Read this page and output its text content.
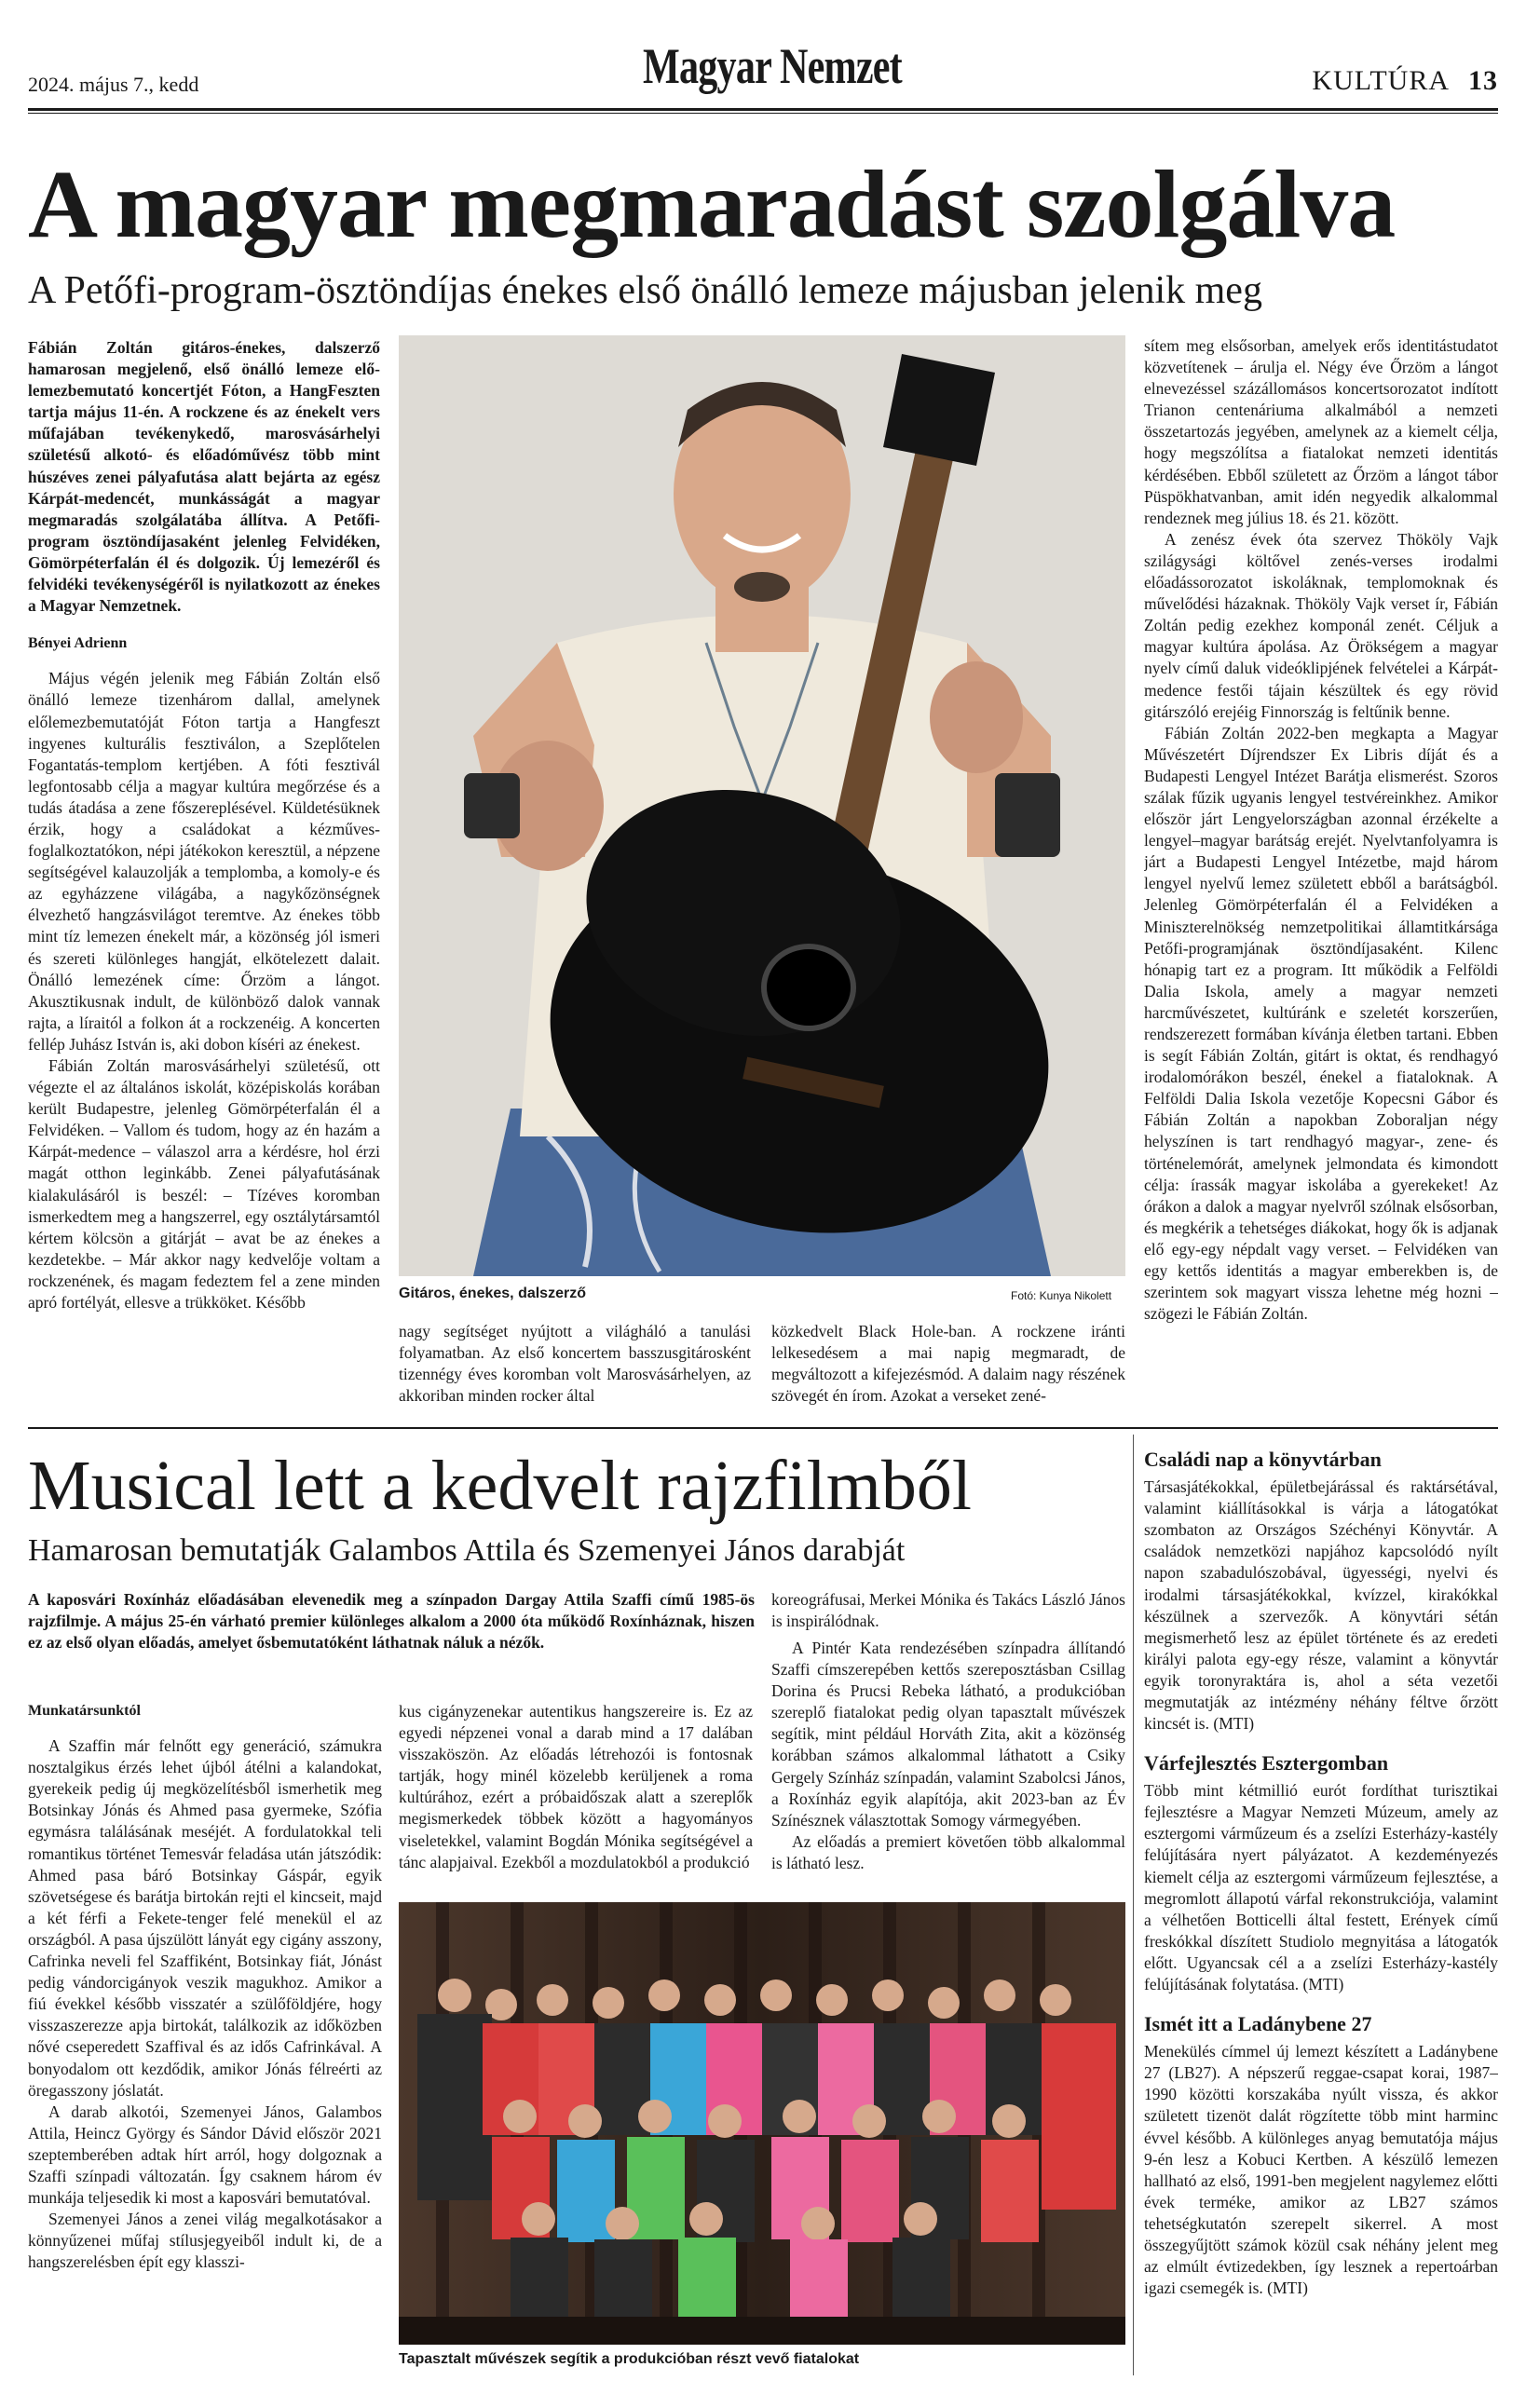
2024. május 7., kedd	Magyar Nemzet	KULTÚRA 13
A magyar megmaradást szolgálva
A Petőfi-program-ösztöndíjas énekes első önálló lemeze májusban jelenik meg

Fábián Zoltán gitáros-énekes, dalszerző hamarosan megjelenő, első önálló lemeze elő-lemezbemutató koncertjét Fóton, a HangFeszten tartja május 11-én. A rockzene és az énekelt vers műfajában tevékenykedő, marosvásárhelyi születésű alkotó- és előadóművész több mint húszéves zenei pályafutása alatt bejárta az egész Kárpát-medencét, munkásságát a magyar megmaradás szolgálatába állítva. A Petőfi-program ösztöndíjasaként jelenleg Felvidéken, Gömörpéterfalán él és dolgozik. Új lemezéről és felvidéki tevékenységéről is nyilatkozott az énekes a Magyar Nemzetnek.

Bényei Adrienn

Május végén jelenik meg Fábián Zoltán első önálló lemeze tizenhárom dallal, amelynek előlemezbemutatóját Fóton tartja a Hangfeszt ingyenes kulturális fesztiválon, a Szeplőtelen Fogantatás-templom kertjében. A fóti fesztivál legfontosabb célja a magyar kultúra megőrzése és a tudás átadása a zene főszereplésével. Küldetésüknek érzik, hogy a családokat a kézműves-foglalkoztatókon, népi játékokon keresztül, a népzene segítségével kalauzolják a templomba, a komoly-e és az egyházzene világába, a nagykőzönségnek élvezhető hangzásvilágot teremtve. Az énekes több mint tíz lemezen énekelt már, a közönség jól ismeri és szereti különleges hangját, elkötelezett dalait. Önálló lemezének címe: Őrzöm a lángot. Akusztikusnak indult, de különböző dalok vannak rajta, a líraitól a folkon át a rockzenéig. A koncerten fellép Juhász István is, aki dobon kíséri az énekest.

Fábián Zoltán marosvásárhelyi születésű, ott végezte el az általános iskolát, középiskolás korában került Budapestre, jelenleg Gömörpéterfalán él a Felvidéken. – Vallom és tudom, hogy az én hazám a Kárpát-medence – válaszol arra a kérdésre, hol érzi magát otthon leginkább. Zenei pályafutásának kialakulásáról is beszél: – Tízéves koromban ismerkedtem meg a hangszerrel, egy osztálytársamtól kértem kölcsön a gitárját – avat be az énekes a kezdetekbe. – Már akkor nagy kedvelője voltam a rockzenének, és magam fedeztem fel a zene minden apró fortélyát, ellesve a trükköket. Később	Gitáros, énekes, dalszerző	Fotó: Kunya Nikolett

nagy segítséget nyújtott a világháló a tanulási folyamatban. Az első koncertem basszusgitárosként tizennégy éves koromban volt Marosvásárhelyen, az akkoriban minden rocker által

közkedvelt Black Hole-ban. A rockzene iránti lelkesedésem a mai napig megmaradt, de megváltozott a kifejezésmód. A dalaim nagy részének szövegét én írom. Azokat a verseket zené-

sítem meg elsősorban, amelyek erős identitástudatot közvetítenek – árulja el. Négy éve Őrzöm a lángot elnevezéssel százállomásos koncertsorozatot indított Trianon centenáriuma alkalmából a nemzeti összetartozás jegyében, amelynek az a kiemelt célja, hogy megszólítsa a fiatalokat nemzeti identitás kérdésében. Ebből született az Őrzöm a lángot tábor Püspökhatvanban, amit idén negyedik alkalommal rendeznek meg július 18. és 21. között.

A zenész évek óta szervez Thököly Vajk szilágysági költővel zenés-verses irodalmi előadássorozatot iskoláknak, templomoknak és művelődési házaknak. Thököly Vajk verset ír, Fábián Zoltán pedig ezekhez komponál zenét. Céljuk a magyar kultúra ápolása. Az Örökségem a magyar nyelv című daluk videóklipjének felvételei a Kárpát-medence festői tájain készültek és egy rövid gitárszóló erejéig Finnország is feltűnik benne.

Fábián Zoltán 2022-ben megkapta a Magyar Művészetért Díjrendszer Ex Libris díját és a Budapesti Lengyel Intézet Barátja elismerést. Szoros szálak fűzik ugyanis lengyel testvéreinkhez. Amikor először járt Lengyelországban azonnal érzékelte a lengyel–magyar barátság erejét. Nyelvtanfolyamra is járt a Budapesti Lengyel Intézetbe, majd három lengyel nyelvű lemez született ebből a barátságból. Jelenleg Gömörpéterfalán él a Felvidéken a Miniszterelnökség nemzetpolitikai államtitkársága Petőfi-programjának ösztöndíjasaként. Kilenc hónapig tart ez a program. Itt működik a Felföldi Dalia Iskola, amely a magyar nemzeti harcművészetet, kultúránk e szeletét korszerűen, rendszerezett formában kívánja életben tartani. Ebben is segít Fábián Zoltán, gitárt is oktat, és rendhagyó irodalomórákon beszél, énekel a fiataloknak. A Felföldi Dalia Iskola vezetője Kopecsni Gábor és Fábián Zoltán a napokban Zoboraljan négy helyszínen is tart rendhagyó magyar-, zene- és történelemórát, amelynek jelmondata és kimondott célja: írassák magyar iskolába a gyerekeket! Az órákon a dalok a magyar nyelvről szólnak elsősorban, és megkérik a tehetséges diákokat, hogy ők is adjanak elő egy-egy népdalt vagy verset. – Felvidéken van egy kettős identitás a magyar emberekben is, de szerintem sok magyart vissza lehetne még hozni – szögezi le Fábián Zoltán.

Musical lett a kedvelt rajzfilmből
Hamarosan bemutatják Galambos Attila és Szemenyei János darabját

A kaposvári Roxínház előadásában elevenedik meg a színpadon Dargay Attila Szaffi című 1985-ös rajzfilmje. A május 25-én várható premier különleges alkalom a 2000 óta működő Roxínháznak, hiszen ez az első olyan előadás, amelyet ősbemutatóként láthatnak náluk a nézők.

koreográfusai, Merkei Mónika és Takács László János is inspirálódnak.

Munkatársunktól

A Szaffin már felnőtt egy generáció, számukra nosztalgikus érzés lehet újból átélni a kalandokat, gyerekeik pedig új megközelítésből ismerhetik meg Botsinkay Jónás és Ahmed pasa gyermeke, Szófia egymásra találásának meséjét. A fordulatokkal teli romantikus történet Temesvár feladása után játszódik: Ahmed pasa báró Botsinkay Gáspár, egyik szövetségese és barátja birtokán rejti el kincseit, majd a két férfi a Fekete-tenger felé menekül el az országból. A pasa újszülött lányát egy cigány asszony, Cafrinka neveli fel Szaffiként, Botsinkay fiát, Jónást pedig vándorcigányok veszik magukhoz. Amikor a fiú évekkel később visszatér a szülőföldjére, hogy visszaszerezze apja birtokát, találkozik az időközben nővé cseperedett Szaffival és az idős Cafrinkával. A bonyodalom ott kezdődik, amikor Jónás félreérti az öregasszony jóslatát.

A darab alkotói, Szemenyei János, Galambos Attila, Heincz György és Sándor Dávid először 2021 szeptemberében adtak hírt arról, hogy dolgoznak a Szaffi színpadi változatán. Így csaknem három év munkája teljesedik ki most a kaposvári bemutatóval.

Szemenyei János a zenei világ megalkotásakor a könnyűzenei műfaj stílusjegyeiből indult ki, de a hangszerelésben épít egy klasszi-

kus cigányzenekar autentikus hangszereire is. Ez az egyedi népzenei vonal a darab mind a 17 dalában visszaköszön. Az előadás létrehozói is fontosnak tartják, hogy minél közelebb kerüljenek a roma kultúrához, ezért a próbaidőszak alatt a szereplők megismerkedek többek között a hagyományos viseletekkel, valamint Bogdán Mónika segítségével a tánc alapjaival. Ezekből a mozdulatokból a produkció

A Pintér Kata rendezésében színpadra állítandó Szaffi címszerepében kettős szereposztásban Csillag Dorina és Prucsi Rebeka látható, a produkcióban szereplő fiatalokat pedig olyan tapasztalt művészek segítik, mint például Horváth Zita, akit a közönség korábban számos alkalommal láthatott a Csiky Gergely Színház színpadán, valamint Szabolcsi János, a Roxínház egyik alapítója, akit 2023-ban az Év Színésznek választottak Somogy vármegyében.

Az előadás a premiert követően több alkalommal is látható lesz.

Tapasztalt művészek segítik a produkcióban részt vevő fiatalokat

Családi nap a könyvtárban

Társasjátékokkal, épületbejárással és raktársétával, valamint kiállításokkal is várja a látogatókat szombaton az Országos Széchényi Könyvtár. A családok nemzetközi napjához kapcsolódó nyílt napon szabadulószobával, ügyességi, nyelvi és irodalmi társasjátékokkal, kvízzel, kirakókkal készülnek a szervezők. A könyvtári sétán megismerhető lesz az épület története és az eredeti királyi palota egy-egy része, valamint a könyvtár egyik toronyraktára is, ahol a séta vezetői megmutatják az intézmény néhány féltve őrzött kincsét is. (MTI)

Várfejlesztés Esztergomban

Több mint kétmillió eurót fordíthat turisztikai fejlesztésre a Magyar Nemzeti Múzeum, amely az esztergomi várműzeum és a zselízi Esterházy-kastély felújítására nyert pályázatot. A kezdeményezés kiemelt célja az esztergomi várműzeum fejlesztése, a megromlott állapotú várfal rekonstrukciója, valamint a vélhetően Botticelli által festett, Erények című freskókkal díszített Studiolo megnyitása a látogatók előtt. Ugyancsak cél a a zselízi Esterházy-kastély felújításának folytatása. (MTI)

Ismét itt a Ladánybene 27

Menekülés címmel új lemezt készített a Ladánybene 27 (LB27). A népszerű reggae-csapat korai, 1987–1990 közötti korszakába nyúlt vissza, és akkor született tizenöt dalát rögzítette több mint harminc évvel később. A különleges anyag bemutatója május 9-én lesz a Kobuci Kertben. A készülő lemezen hallható az első, 1991-ben megjelent nagylemez előtti évek terméke, amikor az LB27 számos tehetségkutatón szerepelt sikerrel. A most összegyűjtött számok közül csak néhány jelent meg az elmúlt évtizedekben, így lesznek a repertoárban igazi csemegék is. (MTI)
